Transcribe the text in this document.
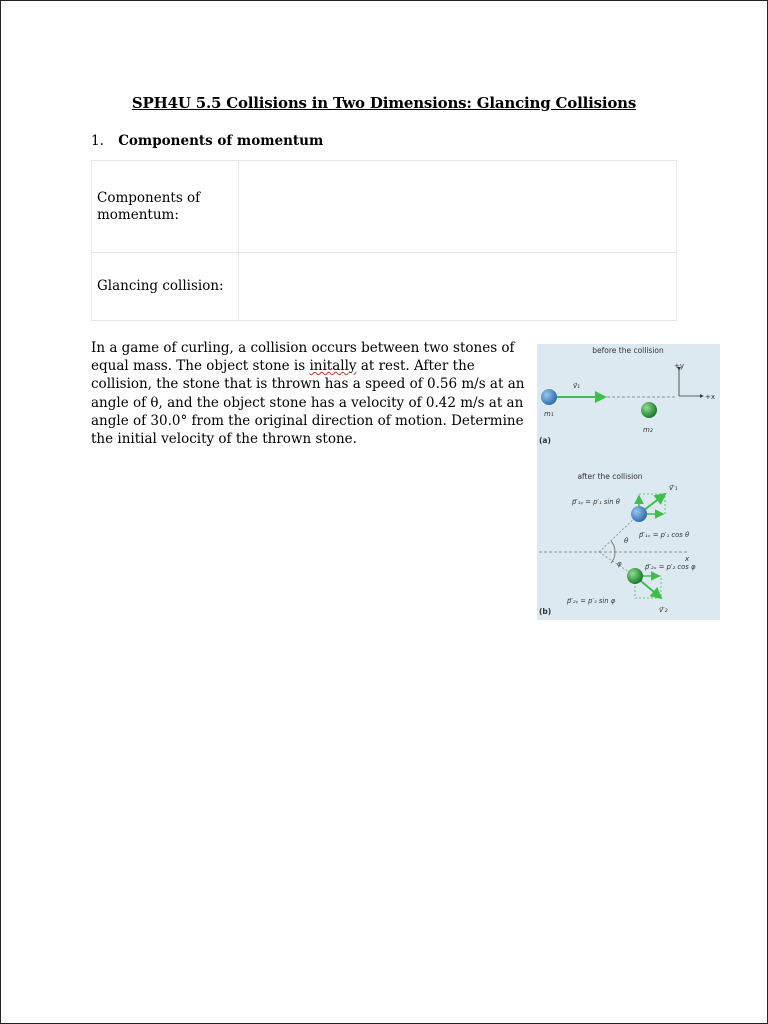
SPH4U 5.5 Collisions in Two Dimensions: Glancing Collisions
1. Components of momentum
Components of momentum:	
Glancing collision:	
In a game of curling, a collision occurs between two stones of equal mass. The object stone is initally at rest. After the collision, the stone that is thrown has a speed of 0.56 m/s at an angle of θ, and the object stone has a velocity of 0.42 m/s at an angle of 30.0° from the original direction of motion. Determine the initial velocity of the thrown stone.
before the collision
+y
+x
v⃗₁
m₁
m₂
(a)
after the collision
x
v⃗′₁
p⃗′₁ᵧ = p′₁ sin θ
p⃗′₁ₓ = p′₁ cos θ
θ
v⃗′₂
p⃗′₂ₓ = p′₂ cos φ
p⃗′₂ᵧ = p′₂ sin φ
φ
(b)
